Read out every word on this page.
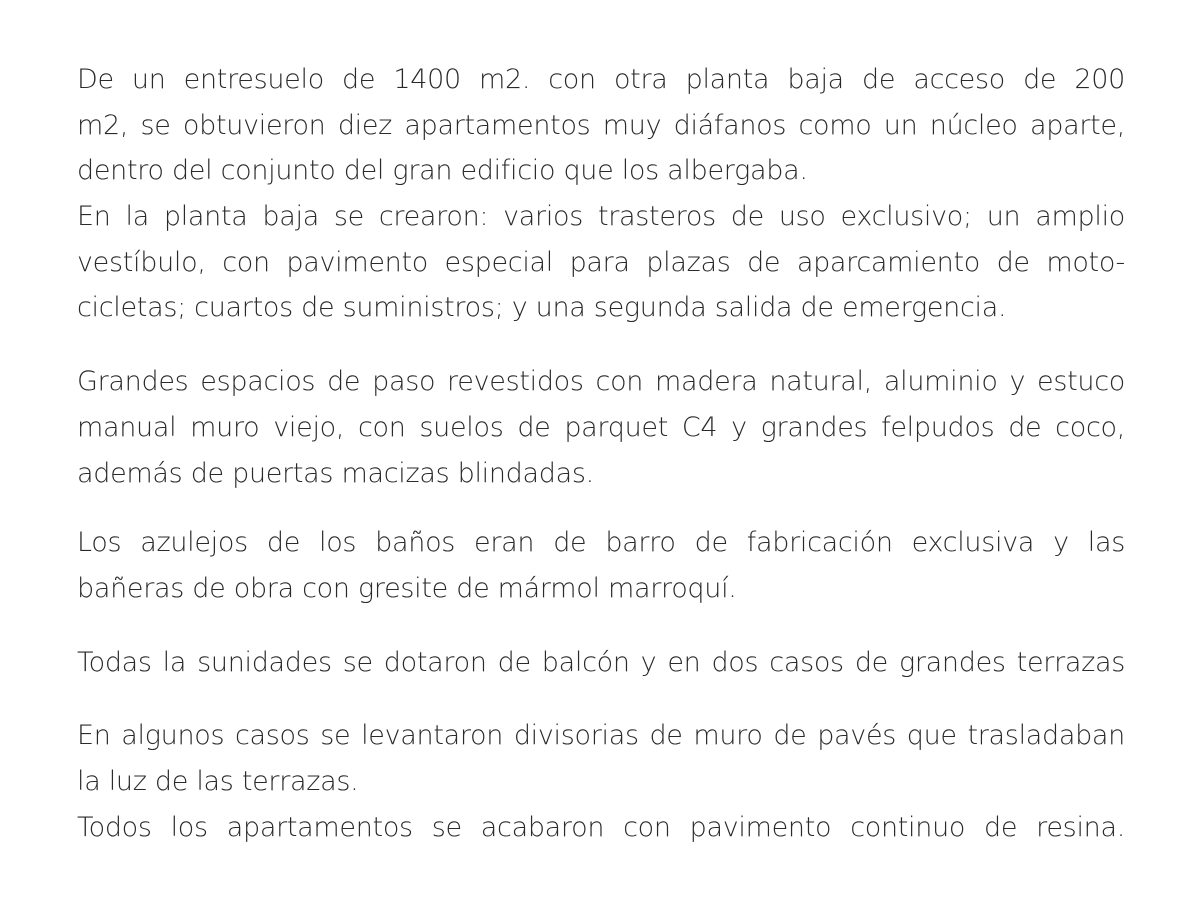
De un entresuelo de 1400 m2. con otra planta baja de acceso de 200
m2, se obtuvieron diez apartamentos muy diáfanos como un núcleo aparte,
dentro del conjunto del gran edificio que los albergaba.
En la planta baja se crearon: varios trasteros de uso exclusivo; un amplio
vestíbulo, con pavimento especial para plazas de aparcamiento de moto-
cicletas; cuartos de suministros; y una segunda salida de emergencia.
Grandes espacios de paso revestidos con madera natural, aluminio y estuco
manual muro viejo, con suelos de parquet C4 y grandes felpudos de coco,
además de puertas macizas blindadas.
Los azulejos de los baños eran de barro de fabricación exclusiva y las
bañeras de obra con gresite de mármol marroquí.
Todas la sunidades se dotaron de balcón y en dos casos de grandes terrazas
En algunos casos se levantaron divisorias de muro de pavés que trasladaban
la luz de las terrazas.
Todos los apartamentos se acabaron con pavimento continuo de resina.
